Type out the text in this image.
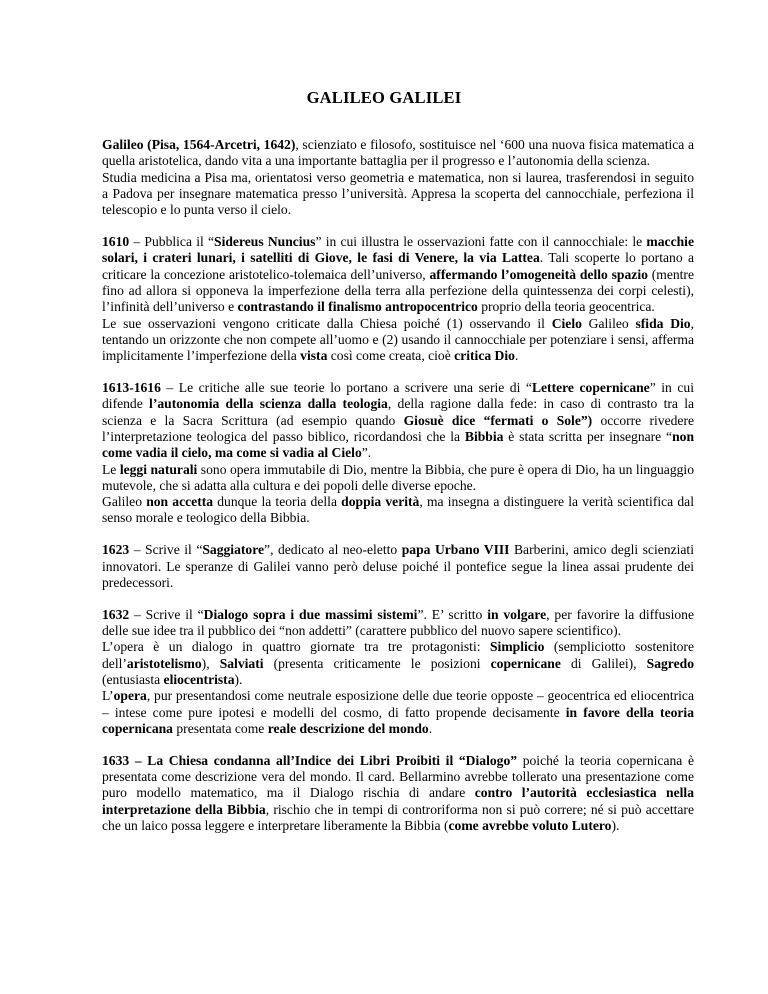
GALILEO GALILEI
Galileo (Pisa, 1564-Arcetri, 1642), scienziato e filosofo, sostituisce nel ‘600 una nuova fisica matematica a quella aristotelica, dando vita a una importante battaglia per il progresso e l’autonomia della scienza.
Studia medicina a Pisa ma, orientatosi verso geometria e matematica, non si laurea, trasferendosi in seguito a Padova per insegnare matematica presso l’università. Appresa la scoperta del cannocchiale, perfeziona il telescopio e lo punta verso il cielo.
1610 – Pubblica il “Sidereus Nuncius” in cui illustra le osservazioni fatte con il cannocchiale: le macchie solari, i crateri lunari, i satelliti di Giove, le fasi di Venere, la via Lattea. Tali scoperte lo portano a criticare la concezione aristotelico-tolemaica dell’universo, affermando l’omogeneità dello spazio (mentre fino ad allora si opponeva la imperfezione della terra alla perfezione della quintessenza dei corpi celesti), l’infinità dell’universo e contrastando il finalismo antropocentrico proprio della teoria geocentrica.
Le sue osservazioni vengono criticate dalla Chiesa poiché (1) osservando il Cielo Galileo sfida Dio, tentando un orizzonte che non compete all’uomo e (2) usando il cannocchiale per potenziare i sensi, afferma implicitamente l’imperfezione della vista così come creata, cioè critica Dio.
1613-1616 – Le critiche alle sue teorie lo portano a scrivere una serie di “Lettere copernicane” in cui difende l’autonomia della scienza dalla teologia, della ragione dalla fede: in caso di contrasto tra la scienza e la Sacra Scrittura (ad esempio quando Giosuè dice “fermati o Sole”) occorre rivedere l’interpretazione teologica del passo biblico, ricordandosi che la Bibbia è stata scritta per insegnare “non come vadia il cielo, ma come si vadia al Cielo”.
Le leggi naturali sono opera immutabile di Dio, mentre la Bibbia, che pure è opera di Dio, ha un linguaggio mutevole, che si adatta alla cultura e dei popoli delle diverse epoche.
Galileo non accetta dunque la teoria della doppia verità, ma insegna a distinguere la verità scientifica dal senso morale e teologico della Bibbia.
1623 – Scrive il “Saggiatore”, dedicato al neo-eletto papa Urbano VIII Barberini, amico degli scienziati innovatori. Le speranze di Galilei vanno però deluse poiché il pontefice segue la linea assai prudente dei predecessori.
1632 – Scrive il “Dialogo sopra i due massimi sistemi”. E’ scritto in volgare, per favorire la diffusione delle sue idee tra il pubblico dei “non addetti” (carattere pubblico del nuovo sapere scientifico).
L’opera è un dialogo in quattro giornate tra tre protagonisti: Simplicio (sempliciotto sostenitore dell’aristotelismo), Salviati (presenta criticamente le posizioni copernicane di Galilei), Sagredo (entusiasta eliocentrista).
L’opera, pur presentandosi come neutrale esposizione delle due teorie opposte – geocentrica ed eliocentrica – intese come pure ipotesi e modelli del cosmo, di fatto propende decisamente in favore della teoria copernicana presentata come reale descrizione del mondo.
1633 – La Chiesa condanna all’Indice dei Libri Proibiti il “Dialogo” poiché la teoria copernicana è presentata come descrizione vera del mondo. Il card. Bellarmino avrebbe tollerato una presentazione come puro modello matematico, ma il Dialogo rischia di andare contro l’autorità ecclesiastica nella interpretazione della Bibbia, rischio che in tempi di controriforma non si può correre; né si può accettare che un laico possa leggere e interpretare liberamente la Bibbia (come avrebbe voluto Lutero).
